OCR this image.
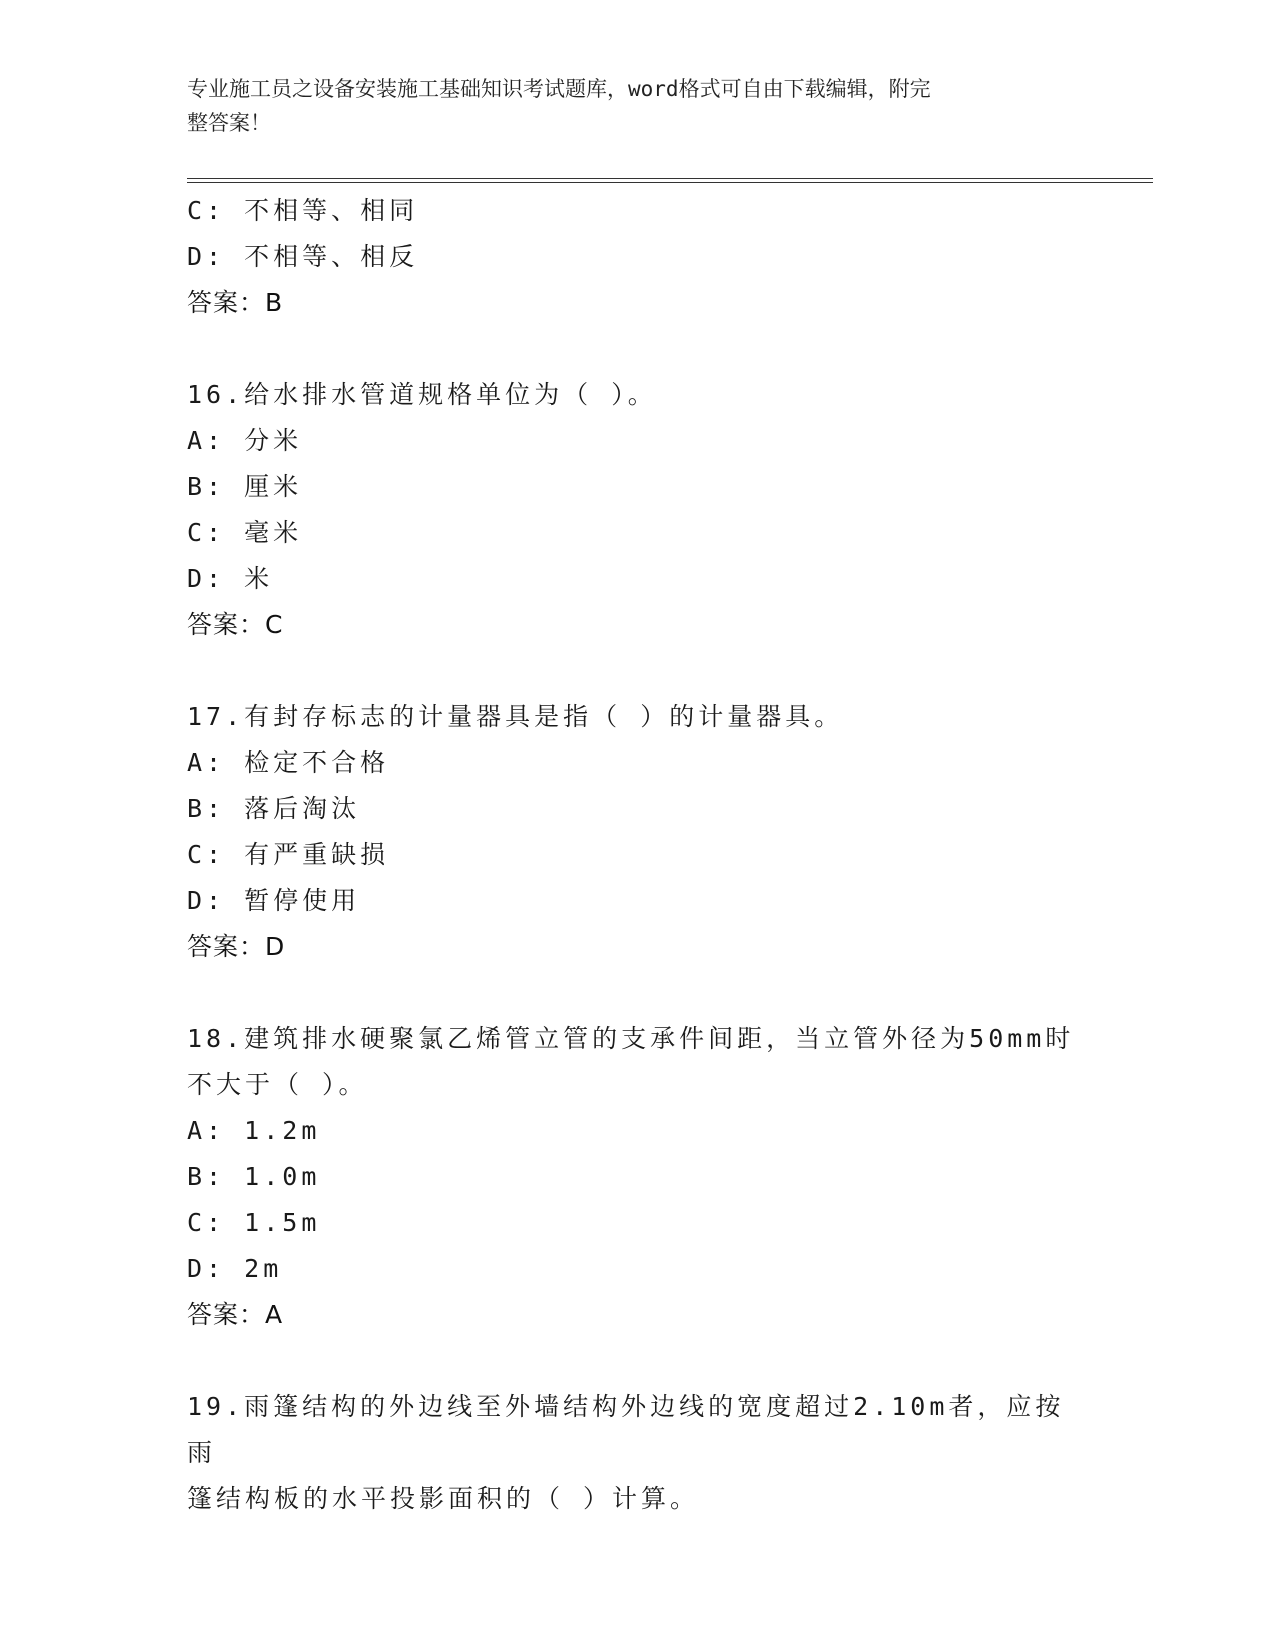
专业施工员之设备安装施工基础知识考试题库，word格式可自由下载编辑，附完
整答案！
C: 不相等、相同
D: 不相等、相反
答案：B
16.给水排水管道规格单位为（ ）。
A: 分米
B: 厘米
C: 毫米
D: 米
答案：C
17.有封存标志的计量器具是指（ ）的计量器具。
A: 检定不合格
B: 落后淘汰
C: 有严重缺损
D: 暂停使用
答案：D
18.建筑排水硬聚氯乙烯管立管的支承件间距，当立管外径为50mm时
不大于（ ）。
A: 1.2m
B: 1.0m
C: 1.5m
D: 2m
答案：A
19.雨篷结构的外边线至外墙结构外边线的宽度超过2.10m者，应按雨
篷结构板的水平投影面积的（ ）计算。
